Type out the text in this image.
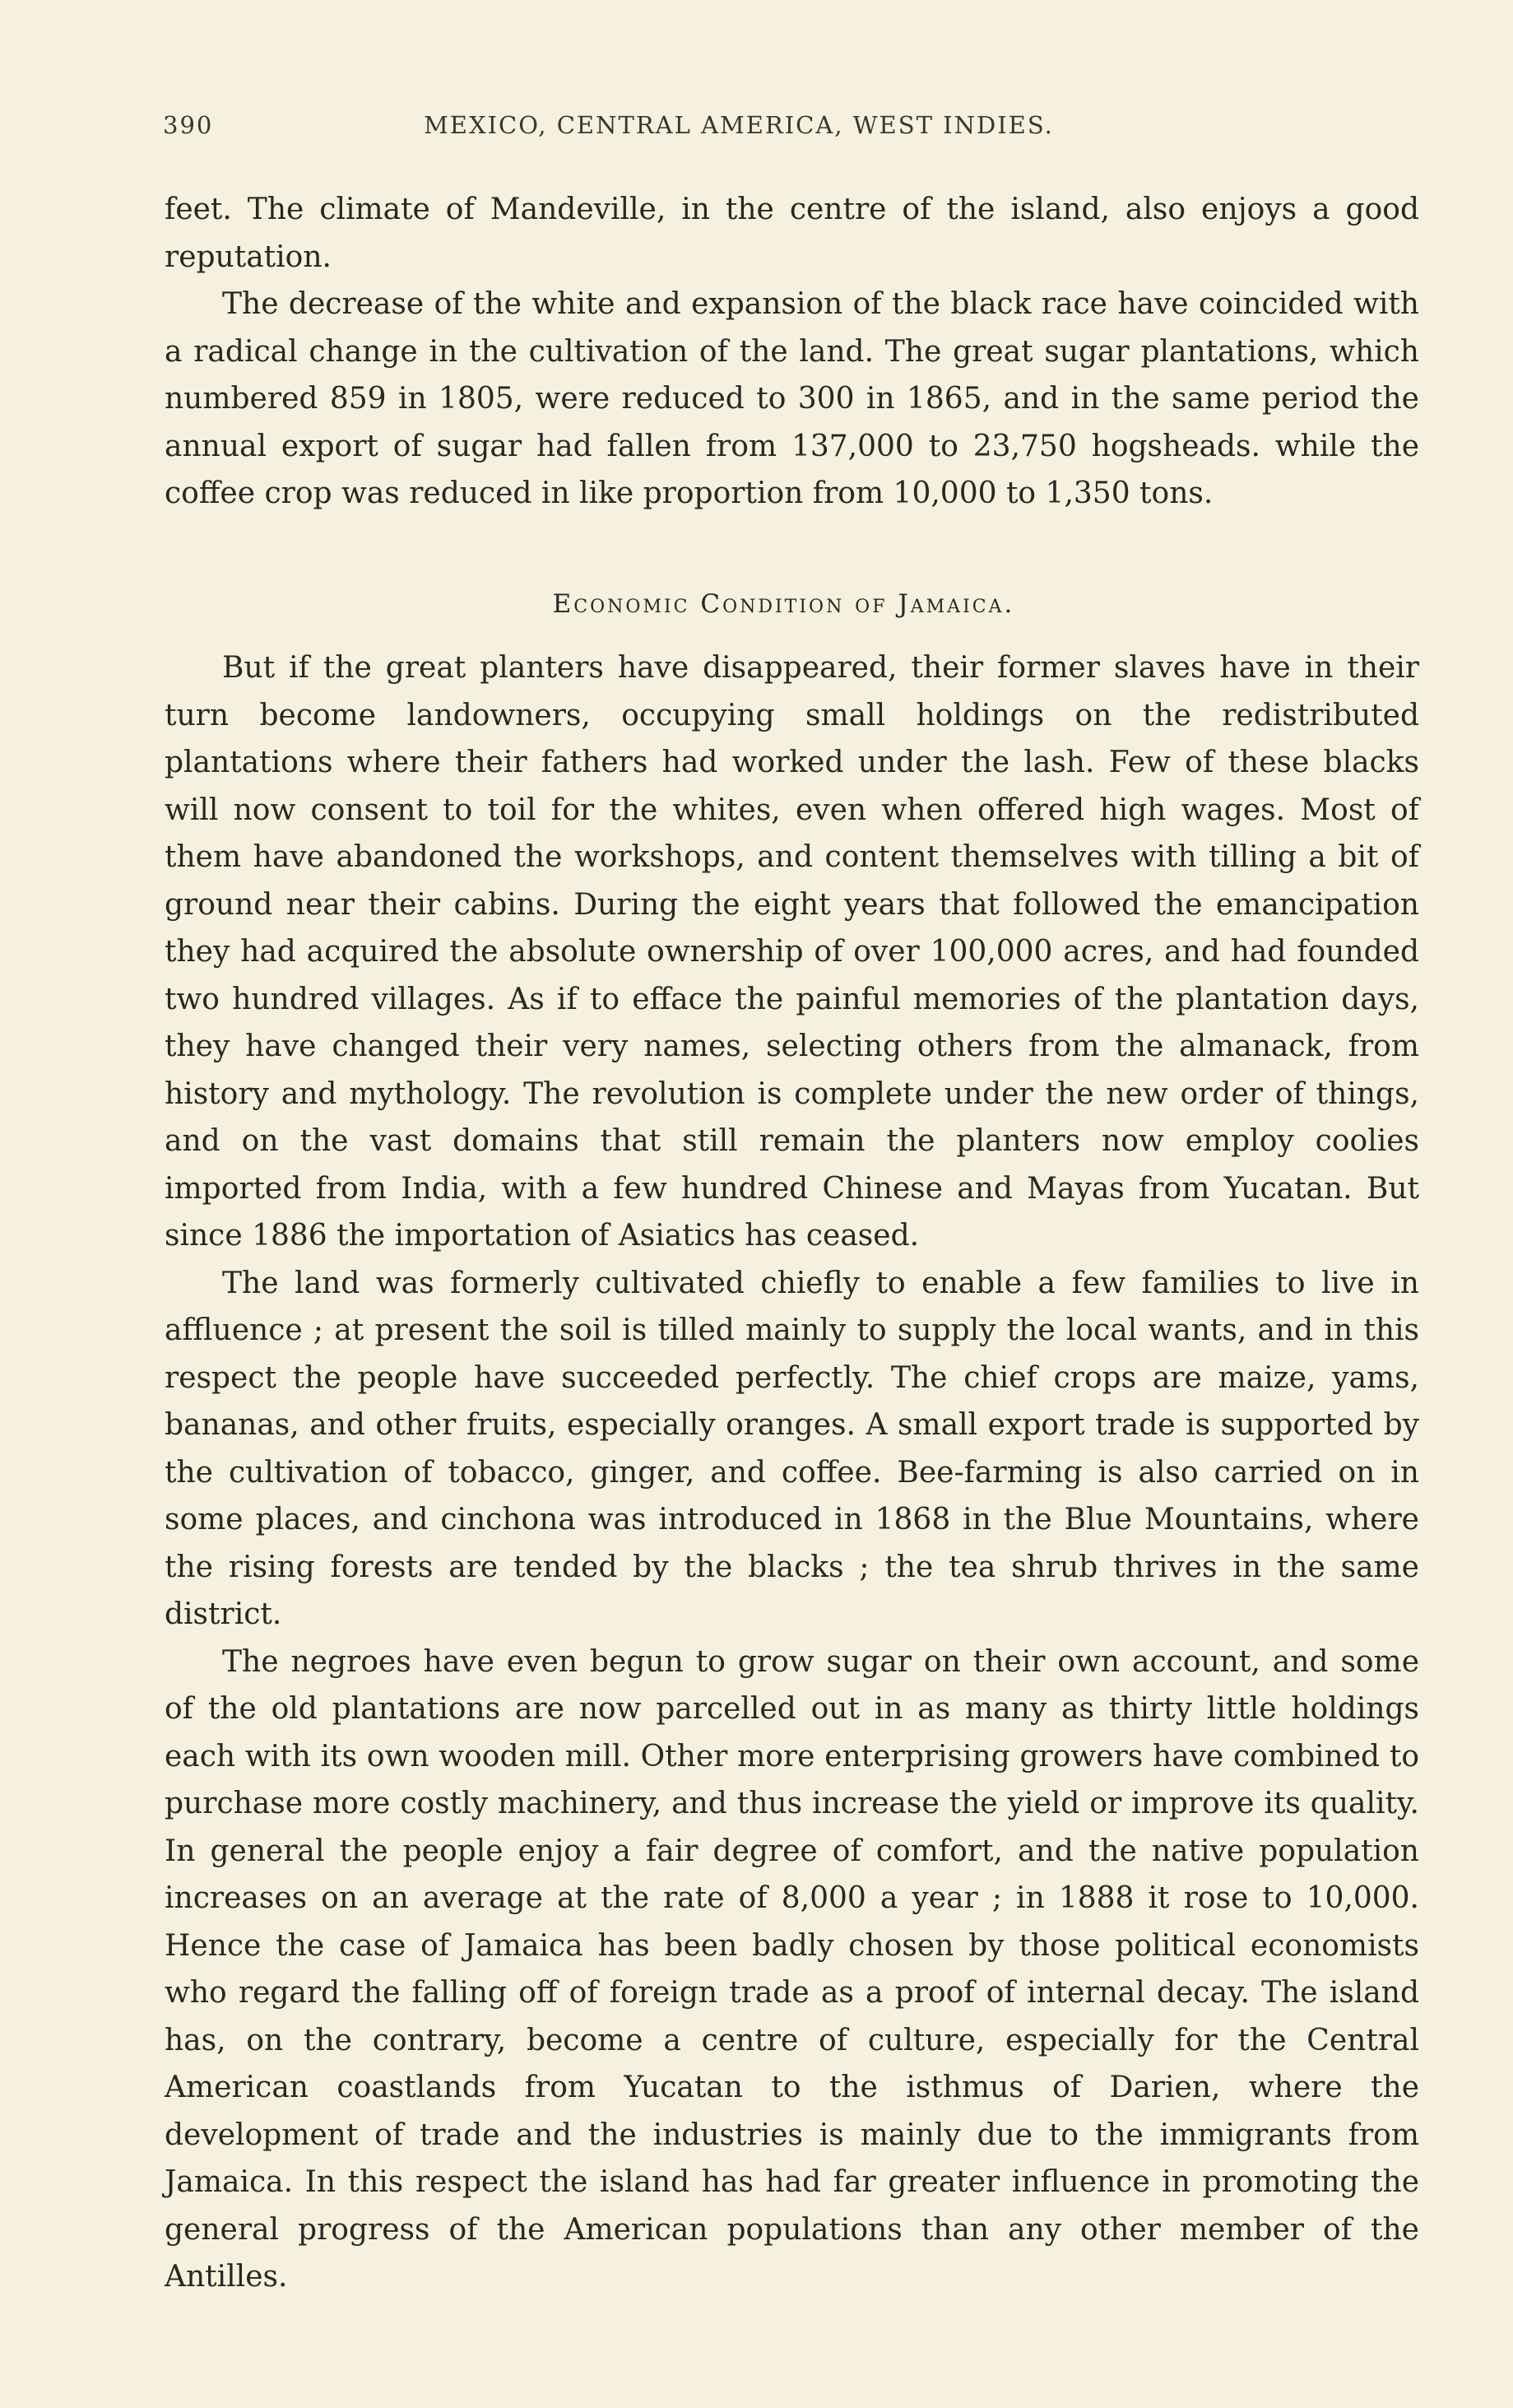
390	MEXICO, CENTRAL AMERICA, WEST INDIES.

feet. The climate of Mandeville, in the centre of the island, also enjoys a good reputation.

The decrease of the white and expansion of the black race have coincided with a radical change in the cultivation of the land. The great sugar plantations, which numbered 859 in 1805, were reduced to 300 in 1865, and in the same period the annual export of sugar had fallen from 137,000 to 23,750 hogsheads. while the coffee crop was reduced in like proportion from 10,000 to 1,350 tons.

Economic Condition of Jamaica.

But if the great planters have disappeared, their former slaves have in their turn become landowners, occupying small holdings on the redistributed plantations where their fathers had worked under the lash. Few of these blacks will now consent to toil for the whites, even when offered high wages. Most of them have abandoned the workshops, and content themselves with tilling a bit of ground near their cabins. During the eight years that followed the emancipation they had acquired the absolute ownership of over 100,000 acres, and had founded two hundred villages. As if to efface the painful memories of the plantation days, they have changed their very names, selecting others from the almanack, from history and mythology. The revolution is complete under the new order of things, and on the vast domains that still remain the planters now employ coolies imported from India, with a few hundred Chinese and Mayas from Yucatan. But since 1886 the importation of Asiatics has ceased.

The land was formerly cultivated chiefly to enable a few families to live in affluence ; at present the soil is tilled mainly to supply the local wants, and in this respect the people have succeeded perfectly. The chief crops are maize, yams, bananas, and other fruits, especially oranges. A small export trade is supported by the cultivation of tobacco, ginger, and coffee. Bee-farming is also carried on in some places, and cinchona was introduced in 1868 in the Blue Mountains, where the rising forests are tended by the blacks ; the tea shrub thrives in the same district.

The negroes have even begun to grow sugar on their own account, and some of the old plantations are now parcelled out in as many as thirty little holdings each with its own wooden mill. Other more enterprising growers have combined to purchase more costly machinery, and thus increase the yield or improve its quality. In general the people enjoy a fair degree of comfort, and the native population increases on an average at the rate of 8,000 a year ; in 1888 it rose to 10,000. Hence the case of Jamaica has been badly chosen by those political economists who regard the falling off of foreign trade as a proof of internal decay. The island has, on the contrary, become a centre of culture, especially for the Central American coastlands from Yucatan to the isthmus of Darien, where the development of trade and the industries is mainly due to the immigrants from Jamaica. In this respect the island has had far greater influence in promoting the general progress of the American populations than any other member of the Antilles.
